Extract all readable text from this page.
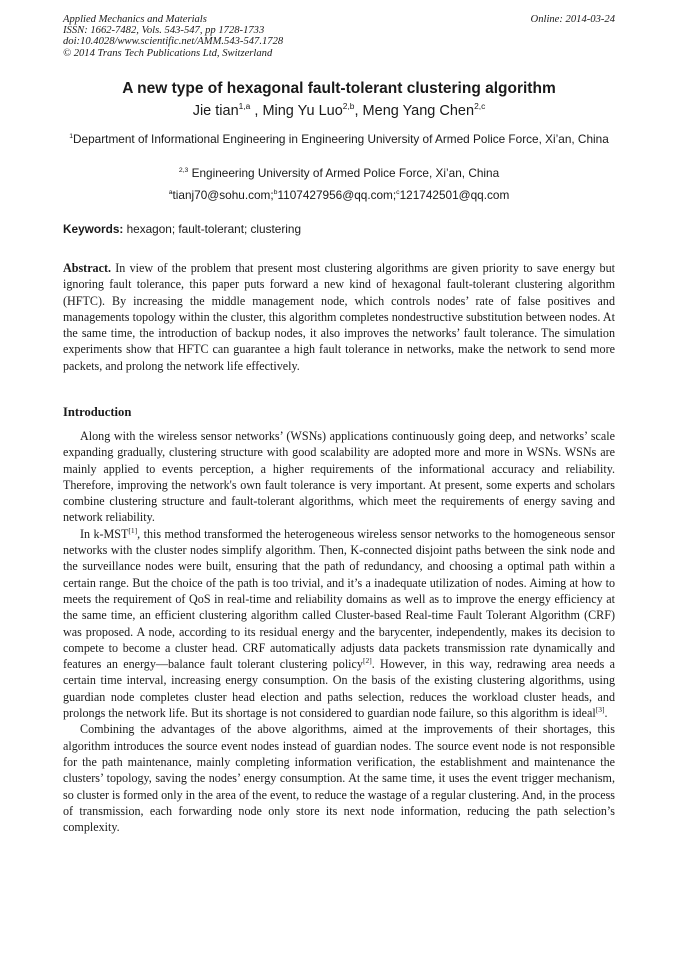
Applied Mechanics and Materials
ISSN: 1662-7482, Vols. 543-547, pp 1728-1733
doi:10.4028/www.scientific.net/AMM.543-547.1728
© 2014 Trans Tech Publications Ltd, Switzerland
Online: 2014-03-24
A new type of hexagonal fault-tolerant clustering algorithm
Jie tian$^{1,a}$ , Ming Yu Luo$^{2,b}$, Meng Yang Chen$^{2,c}$
$^1$Department of Informational Engineering in Engineering University of Armed Police Force, Xi’an, China
$^{2,3}$ Engineering University of Armed Police Force, Xi’an, China
$^a$tianj70@sohu.com;$^b$1107427956@qq.com;$^c$121742501@qq.com
Keywords: hexagon; fault-tolerant; clustering
Abstract. In view of the problem that present most clustering algorithms are given priority to save energy but ignoring fault tolerance, this paper puts forward a new kind of hexagonal fault-tolerant clustering algorithm (HFTC). By increasing the middle management node, which controls nodes’ rate of false positives and managements topology within the cluster, this algorithm completes nondestructive substitution between nodes. At the same time, the introduction of backup nodes, it also improves the networks’ fault tolerance. The simulation experiments show that HFTC can guarantee a high fault tolerance in networks, make the network to send more packets, and prolong the network life effectively.
Introduction

Along with the wireless sensor networks’ (WSNs) applications continuously going deep, and networks’ scale expanding gradually, clustering structure with good scalability are adopted more and more in WSNs. WSNs are mainly applied to events perception, a higher requirements of the informational accuracy and reliability. Therefore, improving the network's own fault tolerance is very important. At present, some experts and scholars combine clustering structure and fault-tolerant algorithms, which meet the requirements of energy saving and network reliability.

In k-MST[1], this method transformed the heterogeneous wireless sensor networks to the homogeneous sensor networks with the cluster nodes simplify algorithm. Then, K-connected disjoint paths between the sink node and the surveillance nodes were built, ensuring that the path of redundancy, and choosing a optimal path within a certain range. But the choice of the path is too trivial, and it’s a inadequate utilization of nodes. Aiming at how to meets the requirement of QoS in real-time and reliability domains as well as to improve the energy efficiency at the same time, an efficient clustering algorithm called Cluster-based Real-time Fault Tolerant Algorithm (CRF) was proposed. A node, according to its residual energy and the barycenter, independently, makes its decision to compete to become a cluster head. CRF automatically adjusts data packets transmission rate dynamically and features an energy—balance fault tolerant clustering policy[2]. However, in this way, redrawing area needs a certain time interval, increasing energy consumption. On the basis of the existing clustering algorithms, using guardian node completes cluster head election and paths selection, reduces the workload cluster heads, and prolongs the network life. But its shortage is not considered to guardian node failure, so this algorithm is ideal[3].

Combining the advantages of the above algorithms, aimed at the improvements of their shortages, this algorithm introduces the source event nodes instead of guardian nodes. The source event node is not responsible for the path maintenance, mainly completing information verification, the establishment and maintenance the clusters’ topology, saving the nodes’ energy consumption. At the same time, it uses the event trigger mechanism, so cluster is formed only in the area of the event, to reduce the wastage of a regular clustering. And, in the process of transmission, each forwarding node only store its next node information, reducing the path selection’s complexity.
